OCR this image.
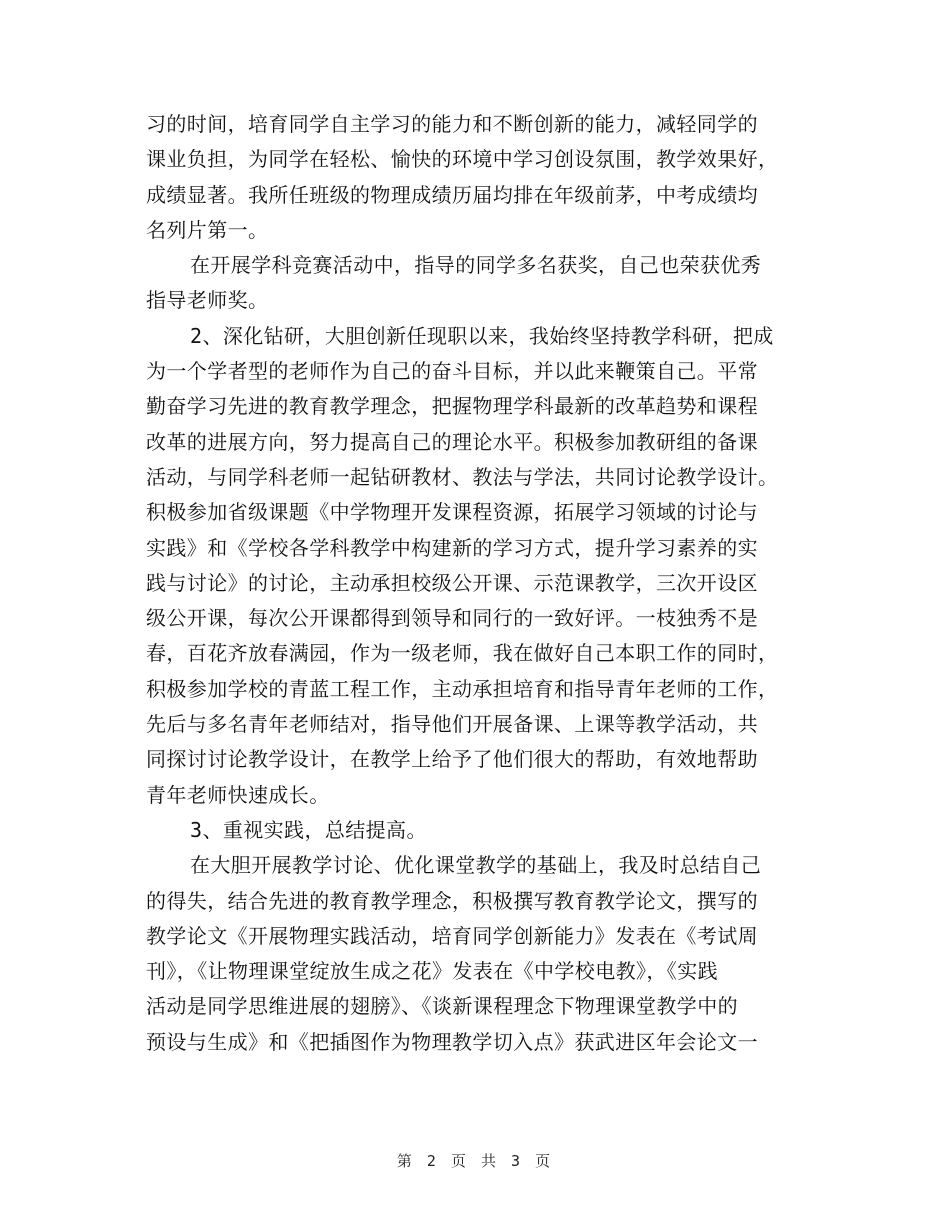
习的时间，培育同学自主学习的能力和不断创新的能力，减轻同学的
课业负担，为同学在轻松、愉快的环境中学习创设氛围，教学效果好，
成绩显著。我所任班级的物理成绩历届均排在年级前茅，中考成绩均
名列片第一。
在开展学科竞赛活动中，指导的同学多名获奖，自己也荣获优秀
指导老师奖。
2、深化钻研，大胆创新任现职以来，我始终坚持教学科研，把成
为一个学者型的老师作为自己的奋斗目标，并以此来鞭策自己。平常
勤奋学习先进的教育教学理念，把握物理学科最新的改革趋势和课程
改革的进展方向，努力提高自己的理论水平。积极参加教研组的备课
活动，与同学科老师一起钻研教材、教法与学法，共同讨论教学设计。
积极参加省级课题《中学物理开发课程资源，拓展学习领域的讨论与
实践》和《学校各学科教学中构建新的学习方式，提升学习素养的实
践与讨论》的讨论，主动承担校级公开课、示范课教学，三次开设区
级公开课，每次公开课都得到领导和同行的一致好评。一枝独秀不是
春，百花齐放春满园，作为一级老师，我在做好自己本职工作的同时，
积极参加学校的青蓝工程工作，主动承担培育和指导青年老师的工作，
先后与多名青年老师结对，指导他们开展备课、上课等教学活动，共
同探讨讨论教学设计，在教学上给予了他们很大的帮助，有效地帮助
青年老师快速成长。
3、重视实践，总结提高。
在大胆开展教学讨论、优化课堂教学的基础上，我及时总结自己
的得失，结合先进的教育教学理念，积极撰写教育教学论文，撰写的
教学论文《开展物理实践活动，培育同学创新能力》发表在《考试周
刊》，《让物理课堂绽放生成之花》发表在《中学校电教》，《实践
活动是同学思维进展的翅膀》、《谈新课程理念下物理课堂教学中的
预设与生成》和《把插图作为物理教学切入点》获武进区年会论文一
第 2 页 共 3 页
